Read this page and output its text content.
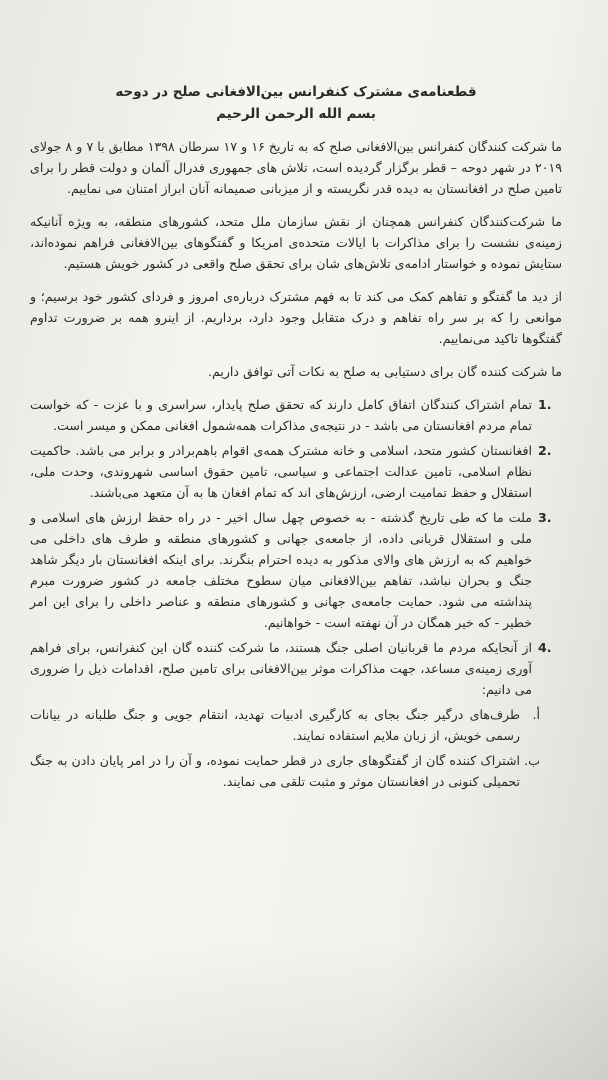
قطعنامه‌ی مشترک کنفرانس بین‌الافغانی صلح در دوحه
بسم الله الرحمن الرحیم

ما شرکت کنندگان کنفرانس بین‌الافغانی صلح که به تاریخ ۱۶ و ۱۷ سرطان ۱۳۹۸ مطابق با ۷ و ۸ جولای ۲۰۱۹ در شهر دوحه – قطر برگزار گردیده است، تلاش های جمهوری فدرال آلمان و دولت قطر را برای تامین صلح در افغانستان به دیده قدر نگریسته و از میزبانی صمیمانه آنان ابراز امتنان می نماییم.

ما شرکت‌کنندگان کنفرانس همچنان از نقش سازمان ملل متحد، کشورهای منطقه، به ویژه آنانیکه زمینه‌ی نشست را برای مذاکرات با ایالات متحده‌ی امریکا و گفتگوهای بین‌الافغانی فراهم نموده‌اند، ستایش نموده و خواستار ادامه‌ی تلاش‌های شان برای تحقق صلح واقعی در کشور خویش هستیم.

از دید ما گفتگو و تفاهم کمک می کند تا به فهم مشترک درباره‌ی امروز و فردای کشور خود برسیم؛ و موانعی را که بر سر راه تفاهم و درک متقابل وجود دارد، برداریم. از اینرو همه بر ضرورت تداوم گفتگوها تاکید می‌نماییم.

ما شرکت کننده گان برای دستیابی به صلح به نکات آتی توافق داریم.

1.
تمام اشتراک کنندگان اتفاق کامل دارند که تحقق صلح پایدار، سراسری و با عزت - که خواست تمام مردم افغانستان می باشد - در نتیجه‌ی مذاکرات همه‌شمول افغانی ممکن و میسر است.
2.
افغانستان کشور متحد، اسلامی و خانه مشترک همه‌ی اقوام باهم‌برادر و برابر می باشد. حاکمیت نظام اسلامی، تامین عدالت اجتماعی و سیاسی، تامین حقوق اساسی شهروندی، وحدت ملی، استقلال و حفظ تمامیت ارضی، ارزش‌های اند که تمام افغان ها به آن متعهد می‌باشند.
3.
ملت ما که طی تاریخ گذشته - به خصوص چهل سال اخیر - در راه حفظ ارزش های اسلامی و ملی و استقلال قربانی داده، از جامعه‌ی جهانی و کشورهای منطقه و طرف های داخلی می خواهیم که به ارزش های والای مذکور به دیده احترام بنگرند. برای اینکه افغانستان بار دیگر شاهد جنگ و بحران نباشد، تفاهم بین‌الافغانی میان سطوح مختلف جامعه در کشور ضرورت مبرم پنداشته می شود. حمایت جامعه‌ی جهانی و کشورهای منطقه و عناصر داخلی را برای این امر خطیر - که خیر همگان در آن نهفته است - خواهانیم.
4.
از آنجایکه مردم ما قربانیان اصلی جنگ هستند، ما شرکت کننده گان این کنفرانس، برای فراهم آوری زمینه‌ی مساعد، جهت مذاکرات موثر بین‌الافغانی برای تامین صلح، اقدامات ذیل را ضروری می دانیم:
أ.
طرف‌های درگیر جنگ بجای به کارگیری ادبیات تهدید، انتقام جویی و جنگ طلبانه در بیانات رسمی خویش، از زبان ملایم استفاده نمایند.
ب.
اشتراک کننده گان از گفتگوهای جاری در قطر حمایت نموده، و آن را در امر پایان دادن به جنگ تحمیلی کنونی در افغانستان موثر و مثبت تلقی می نمایند.
